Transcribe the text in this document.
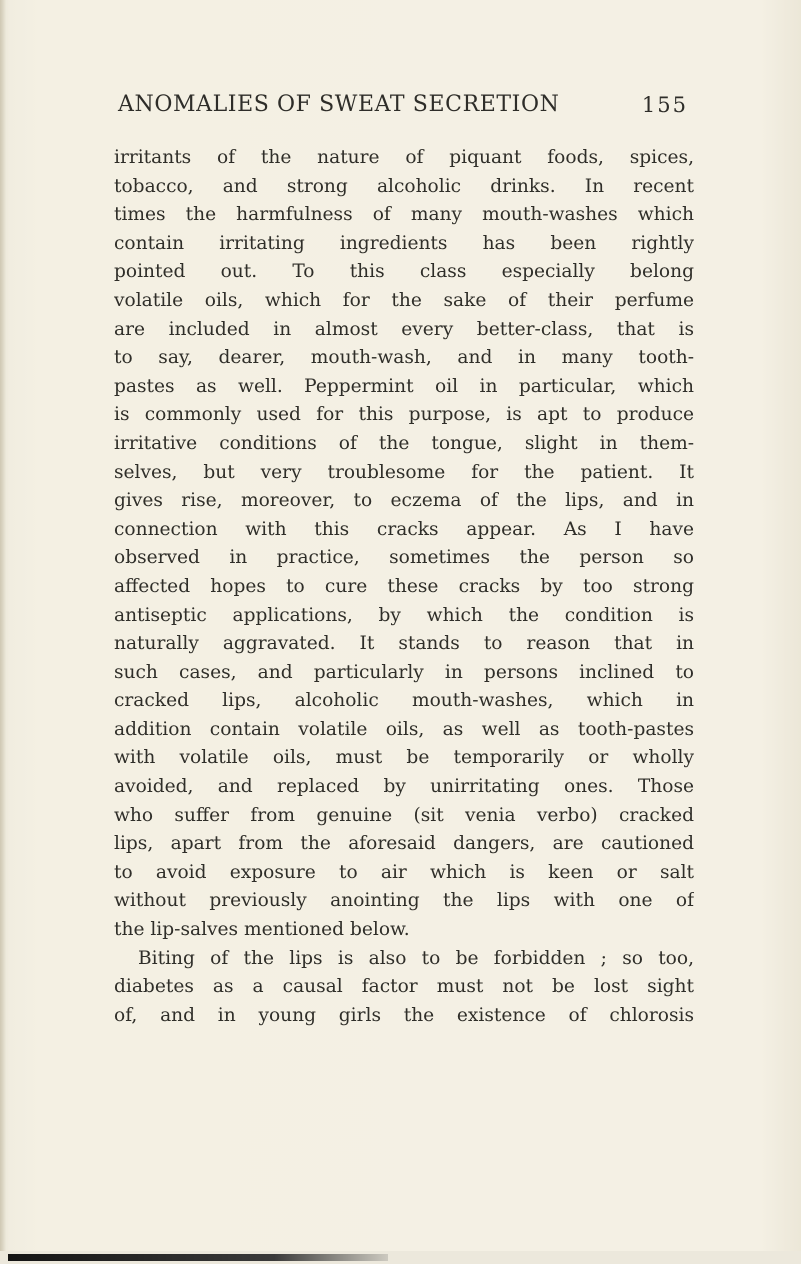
ANOMALIES OF SWEAT SECRETION	155
irritants of the nature of piquant foods, spices,
tobacco, and strong alcoholic drinks. In recent
times the harmfulness of many mouth-washes which
contain irritating ingredients has been rightly
pointed out. To this class especially belong
volatile oils, which for the sake of their perfume
are included in almost every better-class, that is
to say, dearer, mouth-wash, and in many tooth-
pastes as well. Peppermint oil in particular, which
is commonly used for this purpose, is apt to produce
irritative conditions of the tongue, slight in them-
selves, but very troublesome for the patient. It
gives rise, moreover, to eczema of the lips, and in
connection with this cracks appear. As I have
observed in practice, sometimes the person so
affected hopes to cure these cracks by too strong
antiseptic applications, by which the condition is
naturally aggravated. It stands to reason that in
such cases, and particularly in persons inclined to
cracked lips, alcoholic mouth-washes, which in
addition contain volatile oils, as well as tooth-pastes
with volatile oils, must be temporarily or wholly
avoided, and replaced by unirritating ones. Those
who suffer from genuine (sit venia verbo) cracked
lips, apart from the aforesaid dangers, are cautioned
to avoid exposure to air which is keen or salt
without previously anointing the lips with one of
the lip-salves mentioned below.
Biting of the lips is also to be forbidden ; so too,
diabetes as a causal factor must not be lost sight
of, and in young girls the existence of chlorosis
